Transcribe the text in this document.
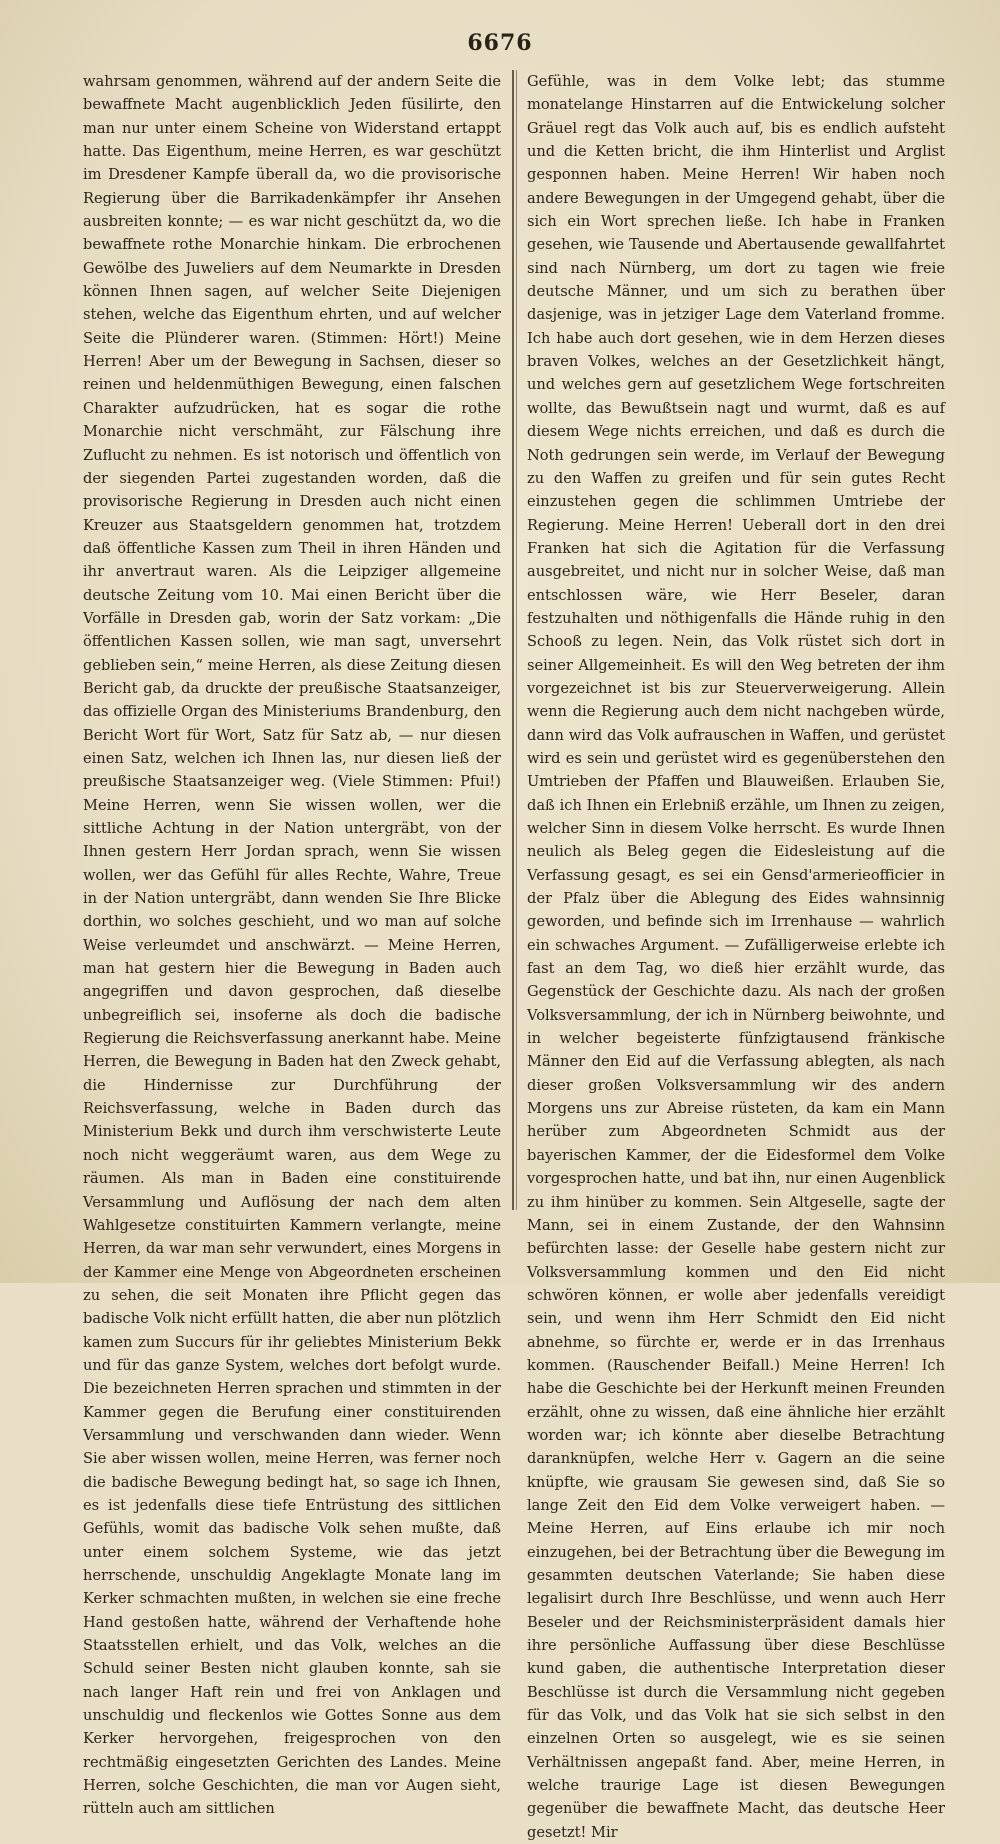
6676

wahrsam genommen, während auf der andern Seite die bewaffnete Macht augenblicklich Jeden füsilirte, den man nur unter einem Scheine von Widerstand ertappt hatte. Das Eigenthum, meine Herren, es war geschützt im Dresdener Kampfe überall da, wo die provisorische Regierung über die Barrikadenkämpfer ihr Ansehen ausbreiten konnte; — es war nicht geschützt da, wo die bewaffnete rothe Monarchie hinkam. Die erbrochenen Gewölbe des Juweliers auf dem Neumarkte in Dresden können Ihnen sagen, auf welcher Seite Diejenigen stehen, welche das Eigenthum ehrten, und auf welcher Seite die Plünderer waren. (Stimmen: Hört!) Meine Herren! Aber um der Bewegung in Sachsen, dieser so reinen und heldenmüthigen Bewegung, einen falschen Charakter aufzudrücken, hat es sogar die rothe Monarchie nicht verschmäht, zur Fälschung ihre Zuflucht zu nehmen. Es ist notorisch und öffentlich von der siegenden Partei zugestanden worden, daß die provisorische Regierung in Dresden auch nicht einen Kreuzer aus Staatsgeldern genommen hat, trotzdem daß öffentliche Kassen zum Theil in ihren Händen und ihr anvertraut waren. Als die Leipziger allgemeine deutsche Zeitung vom 10. Mai einen Bericht über die Vorfälle in Dresden gab, worin der Satz vorkam: „Die öffentlichen Kassen sollen, wie man sagt, unversehrt geblieben sein,“ meine Herren, als diese Zeitung diesen Bericht gab, da druckte der preußische Staatsanzeiger, das offizielle Organ des Ministeriums Brandenburg, den Bericht Wort für Wort, Satz für Satz ab, — nur diesen einen Satz, welchen ich Ihnen las, nur diesen ließ der preußische Staatsanzeiger weg. (Viele Stimmen: Pfui!) Meine Herren, wenn Sie wissen wollen, wer die sittliche Achtung in der Nation untergräbt, von der Ihnen gestern Herr Jordan sprach, wenn Sie wissen wollen, wer das Gefühl für alles Rechte, Wahre, Treue in der Nation untergräbt, dann wenden Sie Ihre Blicke dorthin, wo solches geschieht, und wo man auf solche Weise verleumdet und anschwärzt. — Meine Herren, man hat gestern hier die Bewegung in Baden auch angegriffen und davon gesprochen, daß dieselbe unbegreiflich sei, insoferne als doch die badische Regierung die Reichsverfassung anerkannt habe. Meine Herren, die Bewegung in Baden hat den Zweck gehabt, die Hindernisse zur Durchführung der Reichsverfassung, welche in Baden durch das Ministerium Bekk und durch ihm verschwisterte Leute noch nicht weggeräumt waren, aus dem Wege zu räumen. Als man in Baden eine constituirende Versammlung und Auflösung der nach dem alten Wahlgesetze constituirten Kammern verlangte, meine Herren, da war man sehr verwundert, eines Morgens in der Kammer eine Menge von Abgeordneten erscheinen zu sehen, die seit Monaten ihre Pflicht gegen das badische Volk nicht erfüllt hatten, die aber nun plötzlich kamen zum Succurs für ihr geliebtes Ministerium Bekk und für das ganze System, welches dort befolgt wurde. Die bezeichneten Herren sprachen und stimmten in der Kammer gegen die Berufung einer constituirenden Versammlung und verschwanden dann wieder. Wenn Sie aber wissen wollen, meine Herren, was ferner noch die badische Bewegung bedingt hat, so sage ich Ihnen, es ist jedenfalls diese tiefe Entrüstung des sittlichen Gefühls, womit das badische Volk sehen mußte, daß unter einem solchem Systeme, wie das jetzt herrschende, unschuldig Angeklagte Monate lang im Kerker schmachten mußten, in welchen sie eine freche Hand gestoßen hatte, während der Verhaftende hohe Staatsstellen erhielt, und das Volk, welches an die Schuld seiner Besten nicht glauben konnte, sah sie nach langer Haft rein und frei von Anklagen und unschuldig und fleckenlos wie Gottes Sonne aus dem Kerker hervorgehen, freigesprochen von den rechtmäßig eingesetzten Gerichten des Landes. Meine Herren, solche Geschichten, die man vor Augen sieht, rütteln auch am sittlichen

Gefühle, was in dem Volke lebt; das stumme monatelange Hinstarren auf die Entwickelung solcher Gräuel regt das Volk auch auf, bis es endlich aufsteht und die Ketten bricht, die ihm Hinterlist und Arglist gesponnen haben. Meine Herren! Wir haben noch andere Bewegungen in der Umgegend gehabt, über die sich ein Wort sprechen ließe. Ich habe in Franken gesehen, wie Tausende und Abertausende gewallfahrtet sind nach Nürnberg, um dort zu tagen wie freie deutsche Männer, und um sich zu berathen über dasjenige, was in jetziger Lage dem Vaterland fromme. Ich habe auch dort gesehen, wie in dem Herzen dieses braven Volkes, welches an der Gesetzlichkeit hängt, und welches gern auf gesetzlichem Wege fortschreiten wollte, das Bewußtsein nagt und wurmt, daß es auf diesem Wege nichts erreichen, und daß es durch die Noth gedrungen sein werde, im Verlauf der Bewegung zu den Waffen zu greifen und für sein gutes Recht einzustehen gegen die schlimmen Umtriebe der Regierung. Meine Herren! Ueberall dort in den drei Franken hat sich die Agitation für die Verfassung ausgebreitet, und nicht nur in solcher Weise, daß man entschlossen wäre, wie Herr Beseler, daran festzuhalten und nöthigenfalls die Hände ruhig in den Schooß zu legen. Nein, das Volk rüstet sich dort in seiner Allgemeinheit. Es will den Weg betreten der ihm vorgezeichnet ist bis zur Steuerverweigerung. Allein wenn die Regierung auch dem nicht nachgeben würde, dann wird das Volk aufrauschen in Waffen, und gerüstet wird es sein und gerüstet wird es gegenüberstehen den Umtrieben der Pfaffen und Blauweißen. Erlauben Sie, daß ich Ihnen ein Erlebniß erzähle, um Ihnen zu zeigen, welcher Sinn in diesem Volke herrscht. Es wurde Ihnen neulich als Beleg gegen die Eidesleistung auf die Verfassung gesagt, es sei ein Gensd'armerieofficier in der Pfalz über die Ablegung des Eides wahnsinnig geworden, und befinde sich im Irrenhause — wahrlich ein schwaches Argument. — Zufälligerweise erlebte ich fast an dem Tag, wo dieß hier erzählt wurde, das Gegenstück der Geschichte dazu. Als nach der großen Volksversammlung, der ich in Nürnberg beiwohnte, und in welcher begeisterte fünfzigtausend fränkische Männer den Eid auf die Verfassung ablegten, als nach dieser großen Volksversammlung wir des andern Morgens uns zur Abreise rüsteten, da kam ein Mann herüber zum Abgeordneten Schmidt aus der bayerischen Kammer, der die Eidesformel dem Volke vorgesprochen hatte, und bat ihn, nur einen Augenblick zu ihm hinüber zu kommen. Sein Altgeselle, sagte der Mann, sei in einem Zustande, der den Wahnsinn befürchten lasse: der Geselle habe gestern nicht zur Volksversammlung kommen und den Eid nicht schwören können, er wolle aber jedenfalls vereidigt sein, und wenn ihm Herr Schmidt den Eid nicht abnehme, so fürchte er, werde er in das Irrenhaus kommen. (Rauschender Beifall.) Meine Herren! Ich habe die Geschichte bei der Herkunft meinen Freunden erzählt, ohne zu wissen, daß eine ähnliche hier erzählt worden war; ich könnte aber dieselbe Betrachtung daranknüpfen, welche Herr v. Gagern an die seine knüpfte, wie grausam Sie gewesen sind, daß Sie so lange Zeit den Eid dem Volke verweigert haben. — Meine Herren, auf Eins erlaube ich mir noch einzugehen, bei der Betrachtung über die Bewegung im gesammten deutschen Vaterlande; Sie haben diese legalisirt durch Ihre Beschlüsse, und wenn auch Herr Beseler und der Reichsministerpräsident damals hier ihre persönliche Auffassung über diese Beschlüsse kund gaben, die authentische Interpretation dieser Beschlüsse ist durch die Versammlung nicht gegeben für das Volk, und das Volk hat sie sich selbst in den einzelnen Orten so ausgelegt, wie es sie seinen Verhältnissen angepaßt fand. Aber, meine Herren, in welche traurige Lage ist diesen Bewegungen gegenüber die bewaffnete Macht, das deutsche Heer gesetzt! Mir
